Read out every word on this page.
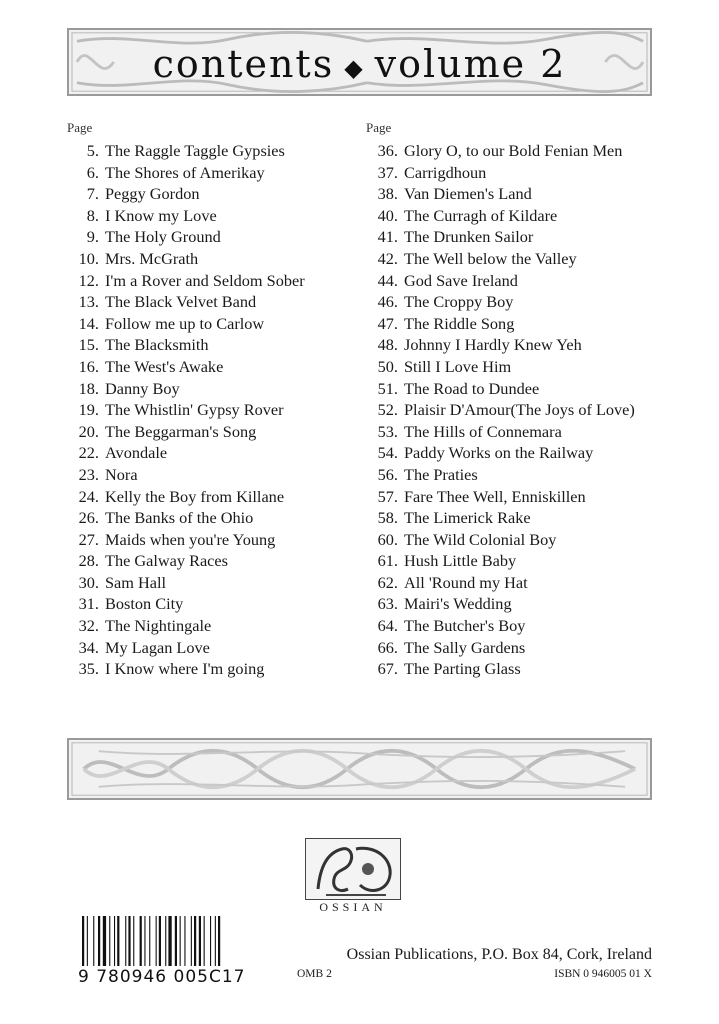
contents ◆ volume 2
Page
5. The Raggle Taggle Gypsies
6. The Shores of Amerikay
7. Peggy Gordon
8. I Know my Love
9. The Holy Ground
10. Mrs. McGrath
12. I'm a Rover and Seldom Sober
13. The Black Velvet Band
14. Follow me up to Carlow
15. The Blacksmith
16. The West's Awake
18. Danny Boy
19. The Whistlin' Gypsy Rover
20. The Beggarman's Song
22. Avondale
23. Nora
24. Kelly the Boy from Killane
26. The Banks of the Ohio
27. Maids when you're Young
28. The Galway Races
30. Sam Hall
31. Boston City
32. The Nightingale
34. My Lagan Love
35. I Know where I'm going
Page
36. Glory O, to our Bold Fenian Men
37. Carrigdhoun
38. Van Diemen's Land
40. The Curragh of Kildare
41. The Drunken Sailor
42. The Well below the Valley
44. God Save Ireland
46. The Croppy Boy
47. The Riddle Song
48. Johnny I Hardly Knew Yeh
50. Still I Love Him
51. The Road to Dundee
52. Plaisir D'Amour(The Joys of Love)
53. The Hills of Connemara
54. Paddy Works on the Railway
56. The Praties
57. Fare Thee Well, Enniskillen
58. The Limerick Rake
60. The Wild Colonial Boy
61. Hush Little Baby
62. All 'Round my Hat
63. Mairi's Wedding
64. The Butcher's Boy
66. The Sally Gardens
67. The Parting Glass
OSSIAN
9 780946 005C17
Ossian Publications, P.O. Box 84, Cork, Ireland
OMB 2	ISBN 0 946005 01 X
